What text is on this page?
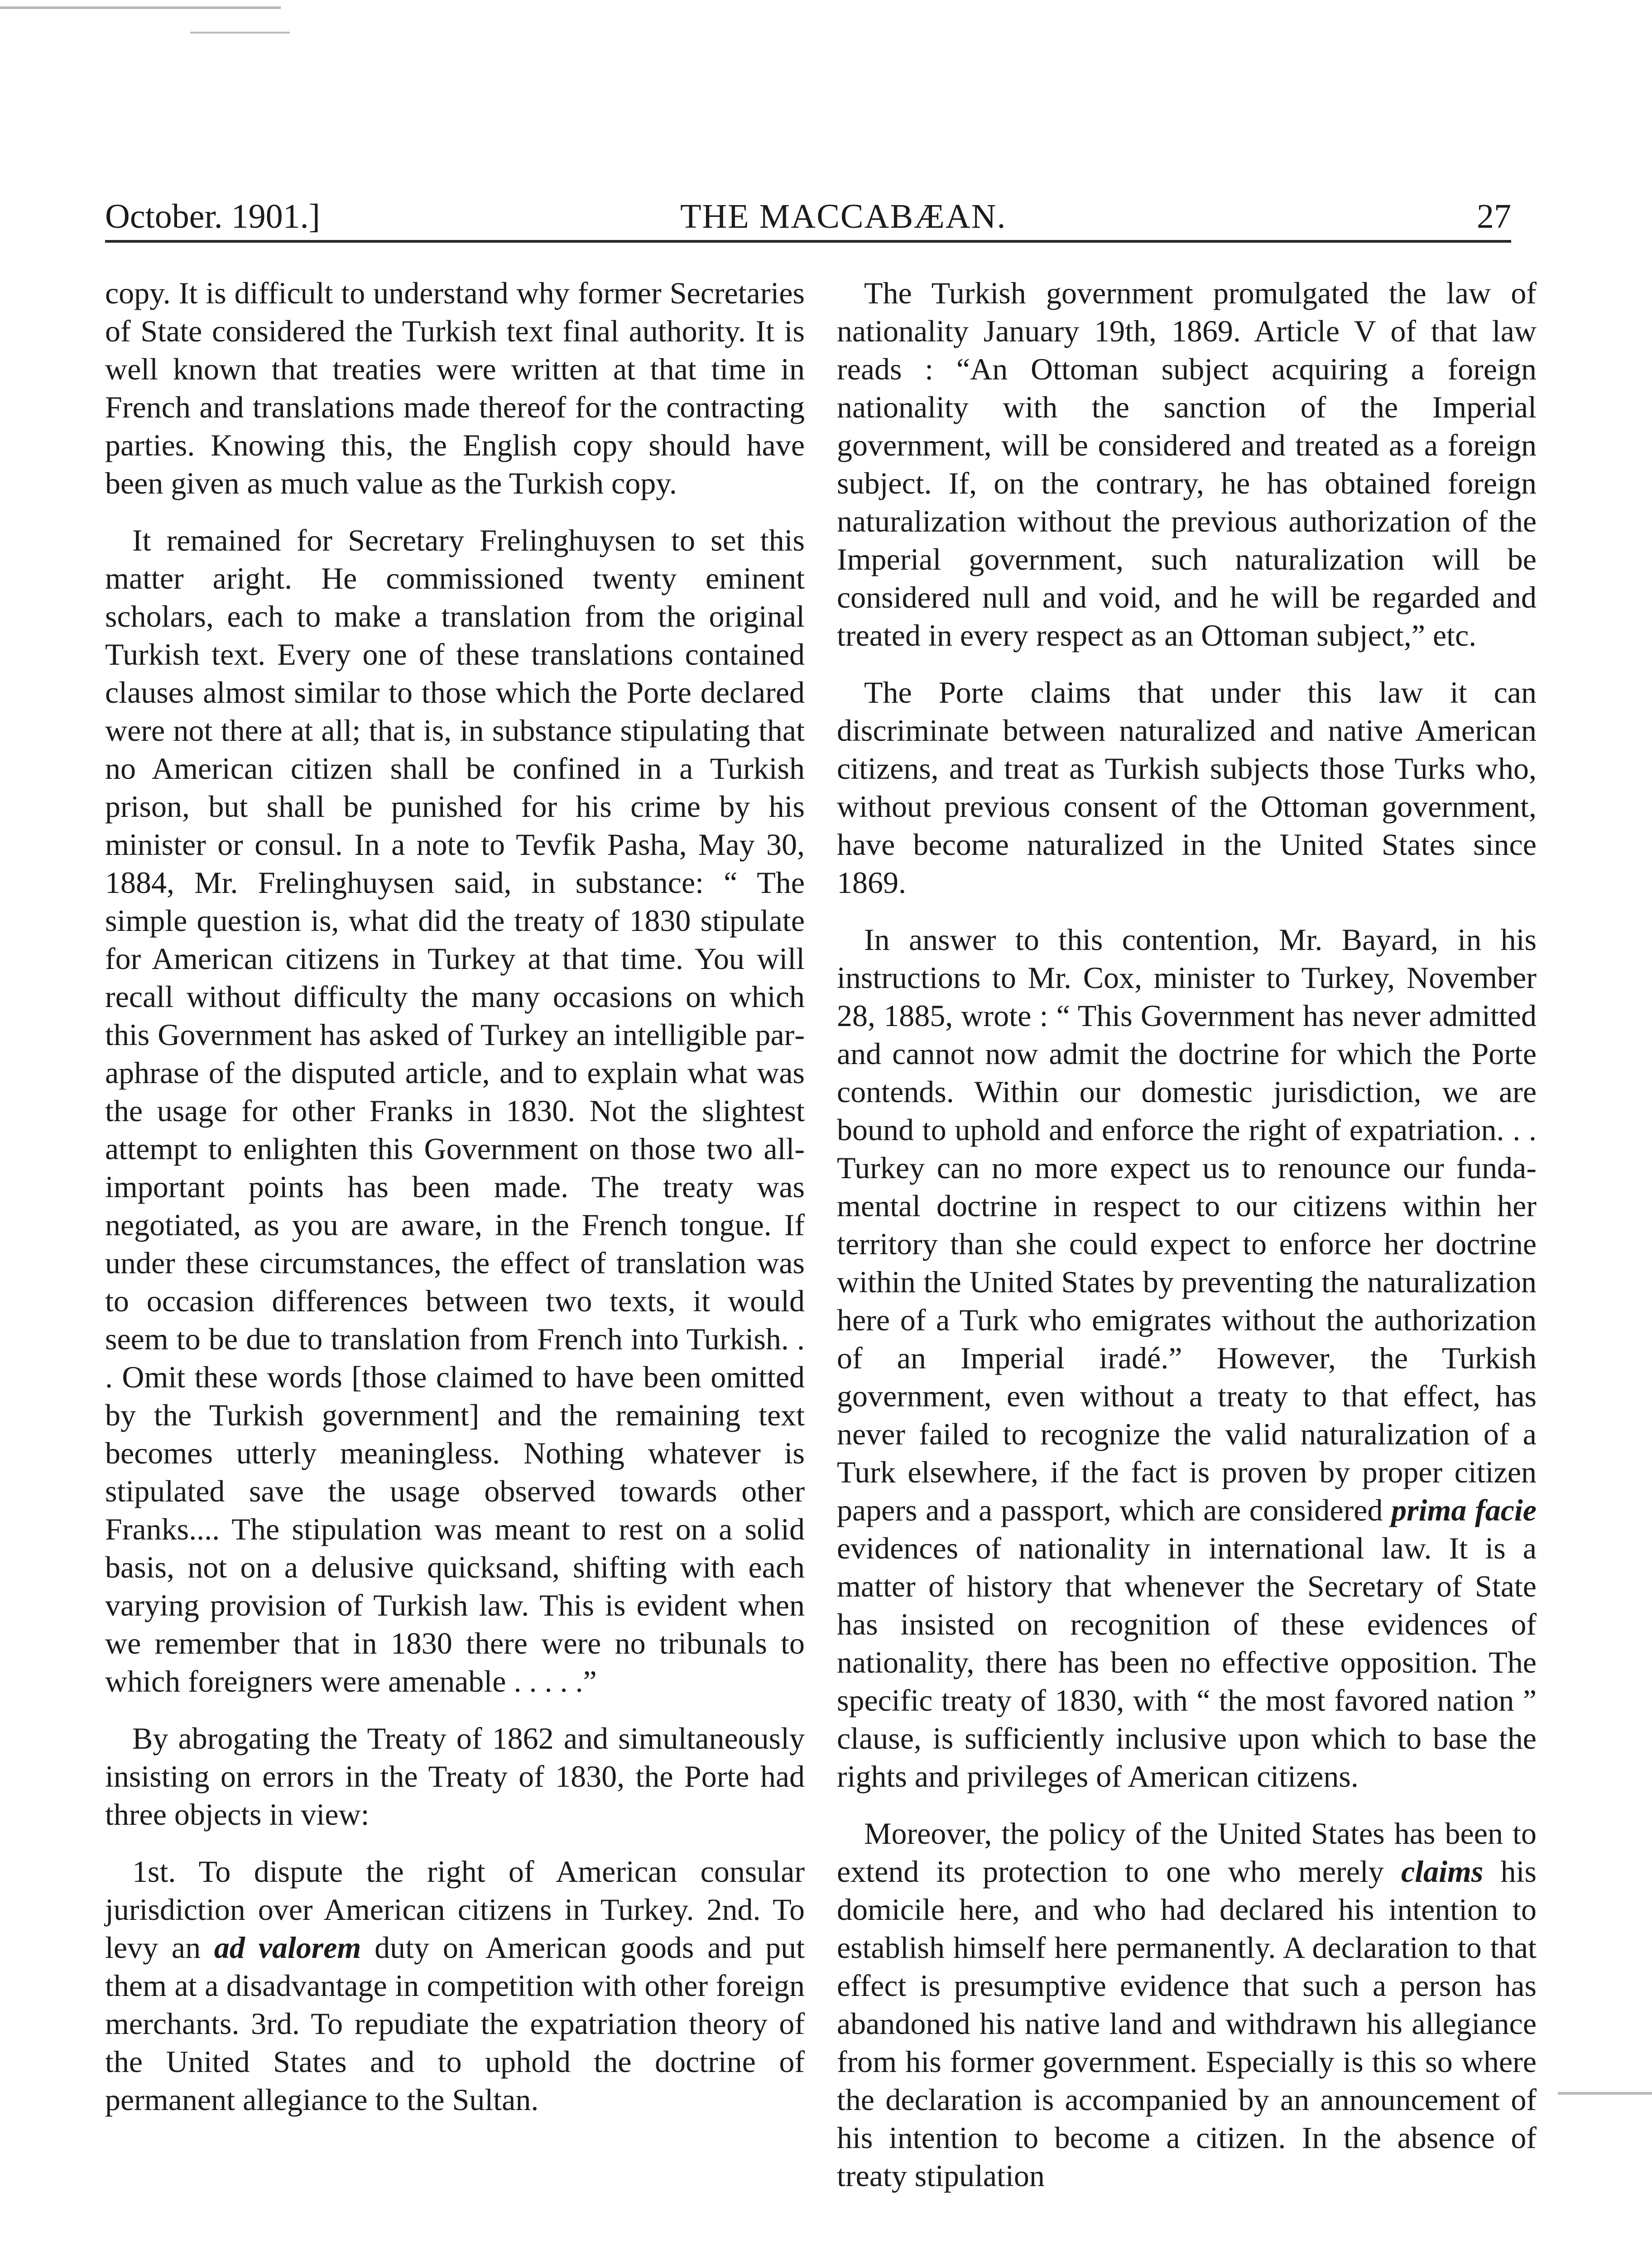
October. 1901.]	THE MACCABÆAN.	27

copy. It is difficult to understand why former Secretaries of State considered the Turkish text final authority. It is well known that treaties were written at that time in French and translations made thereof for the contracting parties. Knowing this, the English copy should have been given as much value as the Turkish copy.

It remained for Secretary Frelinghuysen to set this matter aright. He commissioned twenty eminent scholars, each to make a translation from the original Turkish text. Every one of these translations contained clauses almost similar to those which the Porte declared were not there at all; that is, in substance stipulating that no American citizen shall be confined in a Turkish prison, but shall be punished for his crime by his minister or consul. In a note to Tevfik Pasha, May 30, 1884, Mr. Frelinghuysen said, in substance: “ The simple question is, what did the treaty of 1830 stipulate for American citizens in Turkey at that time. You will recall without difficulty the many occasions on which this Government has asked of Turkey an intelligible paraphrase of the disputed article, and to explain what was the usage for other Franks in 1830. Not the slightest attempt to enlighten this Government on those two all-important points has been made. The treaty was negotiated, as you are aware, in the French tongue. If under these circumstances, the effect of translation was to occasion differences between two texts, it would seem to be due to translation from French into Turkish. . . Omit these words [those claimed to have been omitted by the Turkish government] and the remaining text becomes utterly meaningless. Nothing whatever is stipulated save the usage observed towards other Franks.... The stipulation was meant to rest on a solid basis, not on a delusive quicksand, shifting with each varying provision of Turkish law. This is evident when we remember that in 1830 there were no tribunals to which foreigners were amenable . . . . .”

By abrogating the Treaty of 1862 and simultaneously insisting on errors in the Treaty of 1830, the Porte had three objects in view:

1st. To dispute the right of American consular jurisdiction over American citizens in Turkey. 2nd. To levy an ad valorem duty on American goods and put them at a disadvantage in competition with other foreign merchants. 3rd. To repudiate the expatriation theory of the United States and to uphold the doctrine of permanent allegiance to the Sultan.

The Turkish government promulgated the law of nationality January 19th, 1869. Article V of that law reads : “An Ottoman subject acquiring a foreign nationality with the sanction of the Imperial government, will be considered and treated as a foreign subject. If, on the contrary, he has obtained foreign naturalization without the previous authorization of the Imperial government, such naturalization will be considered null and void, and he will be regarded and treated in every respect as an Ottoman subject,” etc.

The Porte claims that under this law it can discriminate between naturalized and native American citizens, and treat as Turkish subjects those Turks who, without previous consent of the Ottoman government, have become naturalized in the United States since 1869.

In answer to this contention, Mr. Bayard, in his instructions to Mr. Cox, minister to Turkey, November 28, 1885, wrote : “ This Government has never admitted and cannot now admit the doctrine for which the Porte contends. Within our domestic jurisdiction, we are bound to uphold and enforce the right of expatriation. . . Turkey can no more expect us to renounce our fundamental doctrine in respect to our citizens within her territory than she could expect to enforce her doctrine within the United States by preventing the naturalization here of a Turk who emigrates without the authorization of an Imperial iradé.” However, the Turkish government, even without a treaty to that effect, has never failed to recognize the valid naturalization of a Turk elsewhere, if the fact is proven by proper citizen papers and a passport, which are considered prima facie evidences of nationality in international law. It is a matter of history that whenever the Secretary of State has insisted on recognition of these evidences of nationality, there has been no effective opposition. The specific treaty of 1830, with “ the most favored nation ” clause, is sufficiently inclusive upon which to base the rights and privileges of American citizens.

Moreover, the policy of the United States has been to extend its protection to one who merely claims his domicile here, and who had declared his intention to establish himself here permanently. A declaration to that effect is presumptive evidence that such a person has abandoned his native land and withdrawn his allegiance from his former government. Especially is this so where the declaration is accompanied by an announcement of his intention to become a citizen. In the absence of treaty stipulation
